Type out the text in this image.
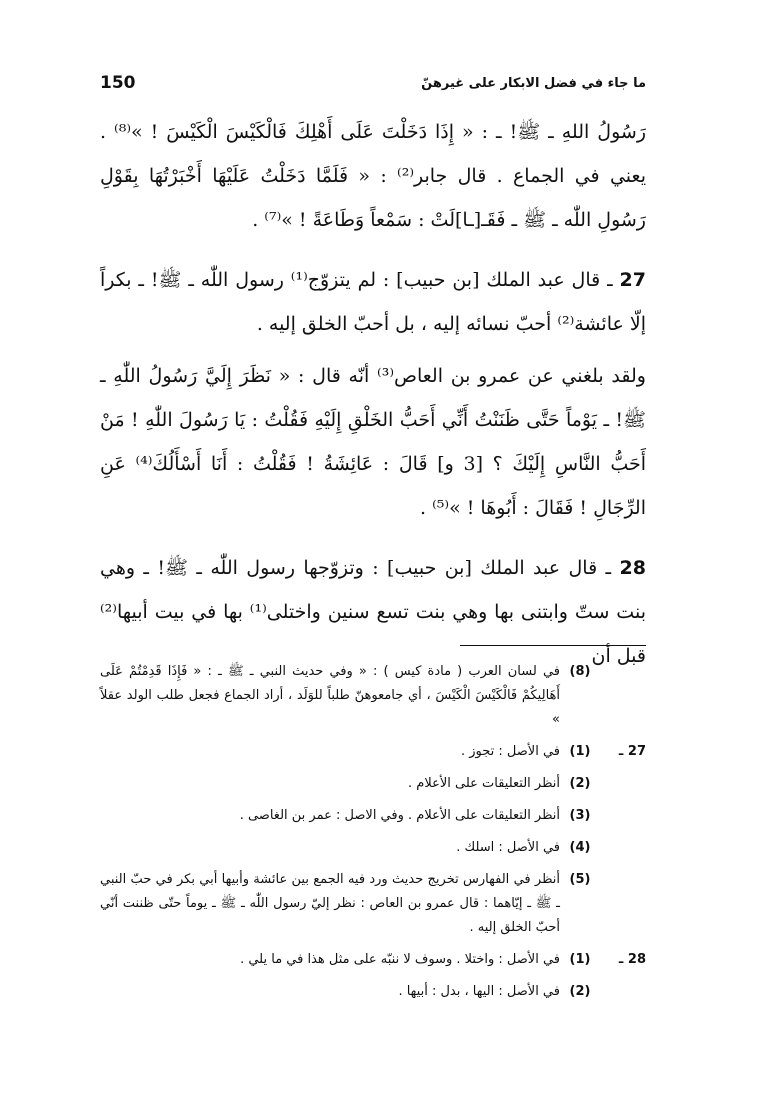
150	ما جاء في فضل الابكار على غيرهنّ

رَسُولُ اللهِ ـ ﷺ! ـ : « إِذَا دَخَلْتَ عَلَى أَهْلِكَ فَالْكَيْسَ الْكَيْسَ ! »⁽⁸⁾ . يعني في الجماع . قال جابر⁽²⁾ : « فَلَمَّا دَخَلْتُ عَلَيْهَا أَخْبَرْتُهَا بِقَوْلِ رَسُولِ اللّٰه ـ ﷺ ـ فَقَـ[ـا]لَتْ : سَمْعاً وَطَاعَةً ! »⁽⁷⁾ .

27 ـ قال عبد الملك [بن حبيب] : لم يتزوّج⁽¹⁾ رسول اللّٰه ـ ﷺ! ـ بكراً إلّا عائشة⁽²⁾ أحبّ نسائه إليه ، بل أحبّ الخلق إليه .

ولقد بلغني عن عمرو بن العاص⁽³⁾ أنّه قال : « نَظَرَ إِلَيَّ رَسُولُ اللّٰهِ ـ ﷺ! ـ يَوْماً حَتَّى ظَنَنْتُ أَنِّي أَحَبُّ الخَلْقِ إِلَيْهِ فَقُلْتُ : يَا رَسُولَ اللّٰهِ ! مَنْ أَحَبُّ النَّاسِ إِلَيْكَ ؟ [3 و] قَالَ : عَائِشَةُ ! فَقُلْتُ : أَنَا أَسْأَلُكَ⁽⁴⁾ عَنِ الرِّجَالِ ! فَقَالَ : أَبُوهَا ! »⁽⁵⁾ .

28 ـ قال عبد الملك [بن حبيب] : وتزوّجها رسول اللّٰه ـ ﷺ! ـ وهي بنت ستّ وابتنى بها وهي بنت تسع سنين واختلى⁽¹⁾ بها في بيت أبيها⁽²⁾ قبل أن

(8)
في لسان العرب ( مادة كيس ) : « وفي حديث النبي ـ ﷺ ـ : « فَإِذَا قَدِمْتُمْ عَلَى أَهَالِيكُمْ فَالْكَيْسَ الْكَيْسَ ، أي جامعوهنّ طلباً للوَلَد ، أراد الجماع فجعل طلب الولد عقلاً »
27 ـ
(1)
في الأصل : تجوز .
(2)
أنظر التعليقات على الأعلام .
(3)
أنظر التعليقات على الأعلام . وفي الاصل : عمر بن الغاصى .
(4)
في الأصل : اسلك .
(5)
أنظر في الفهارس تخريج حديث ورد فيه الجمع بين عائشة وأبيها أبي بكر في حبّ النبي ـ ﷺ ـ إيّاهما : قال عمرو بن العاص : نظر إليّ رسول اللّٰه ـ ﷺ ـ يوماً حتّى ظننت أنّي أحبّ الخلق إليه .
28 ـ
(1)
في الأصل : واختلا . وسوف لا ننبّه على مثل هذا في ما يلي .
(2)
في الأصل : اليها ، بدل : أبيها .
